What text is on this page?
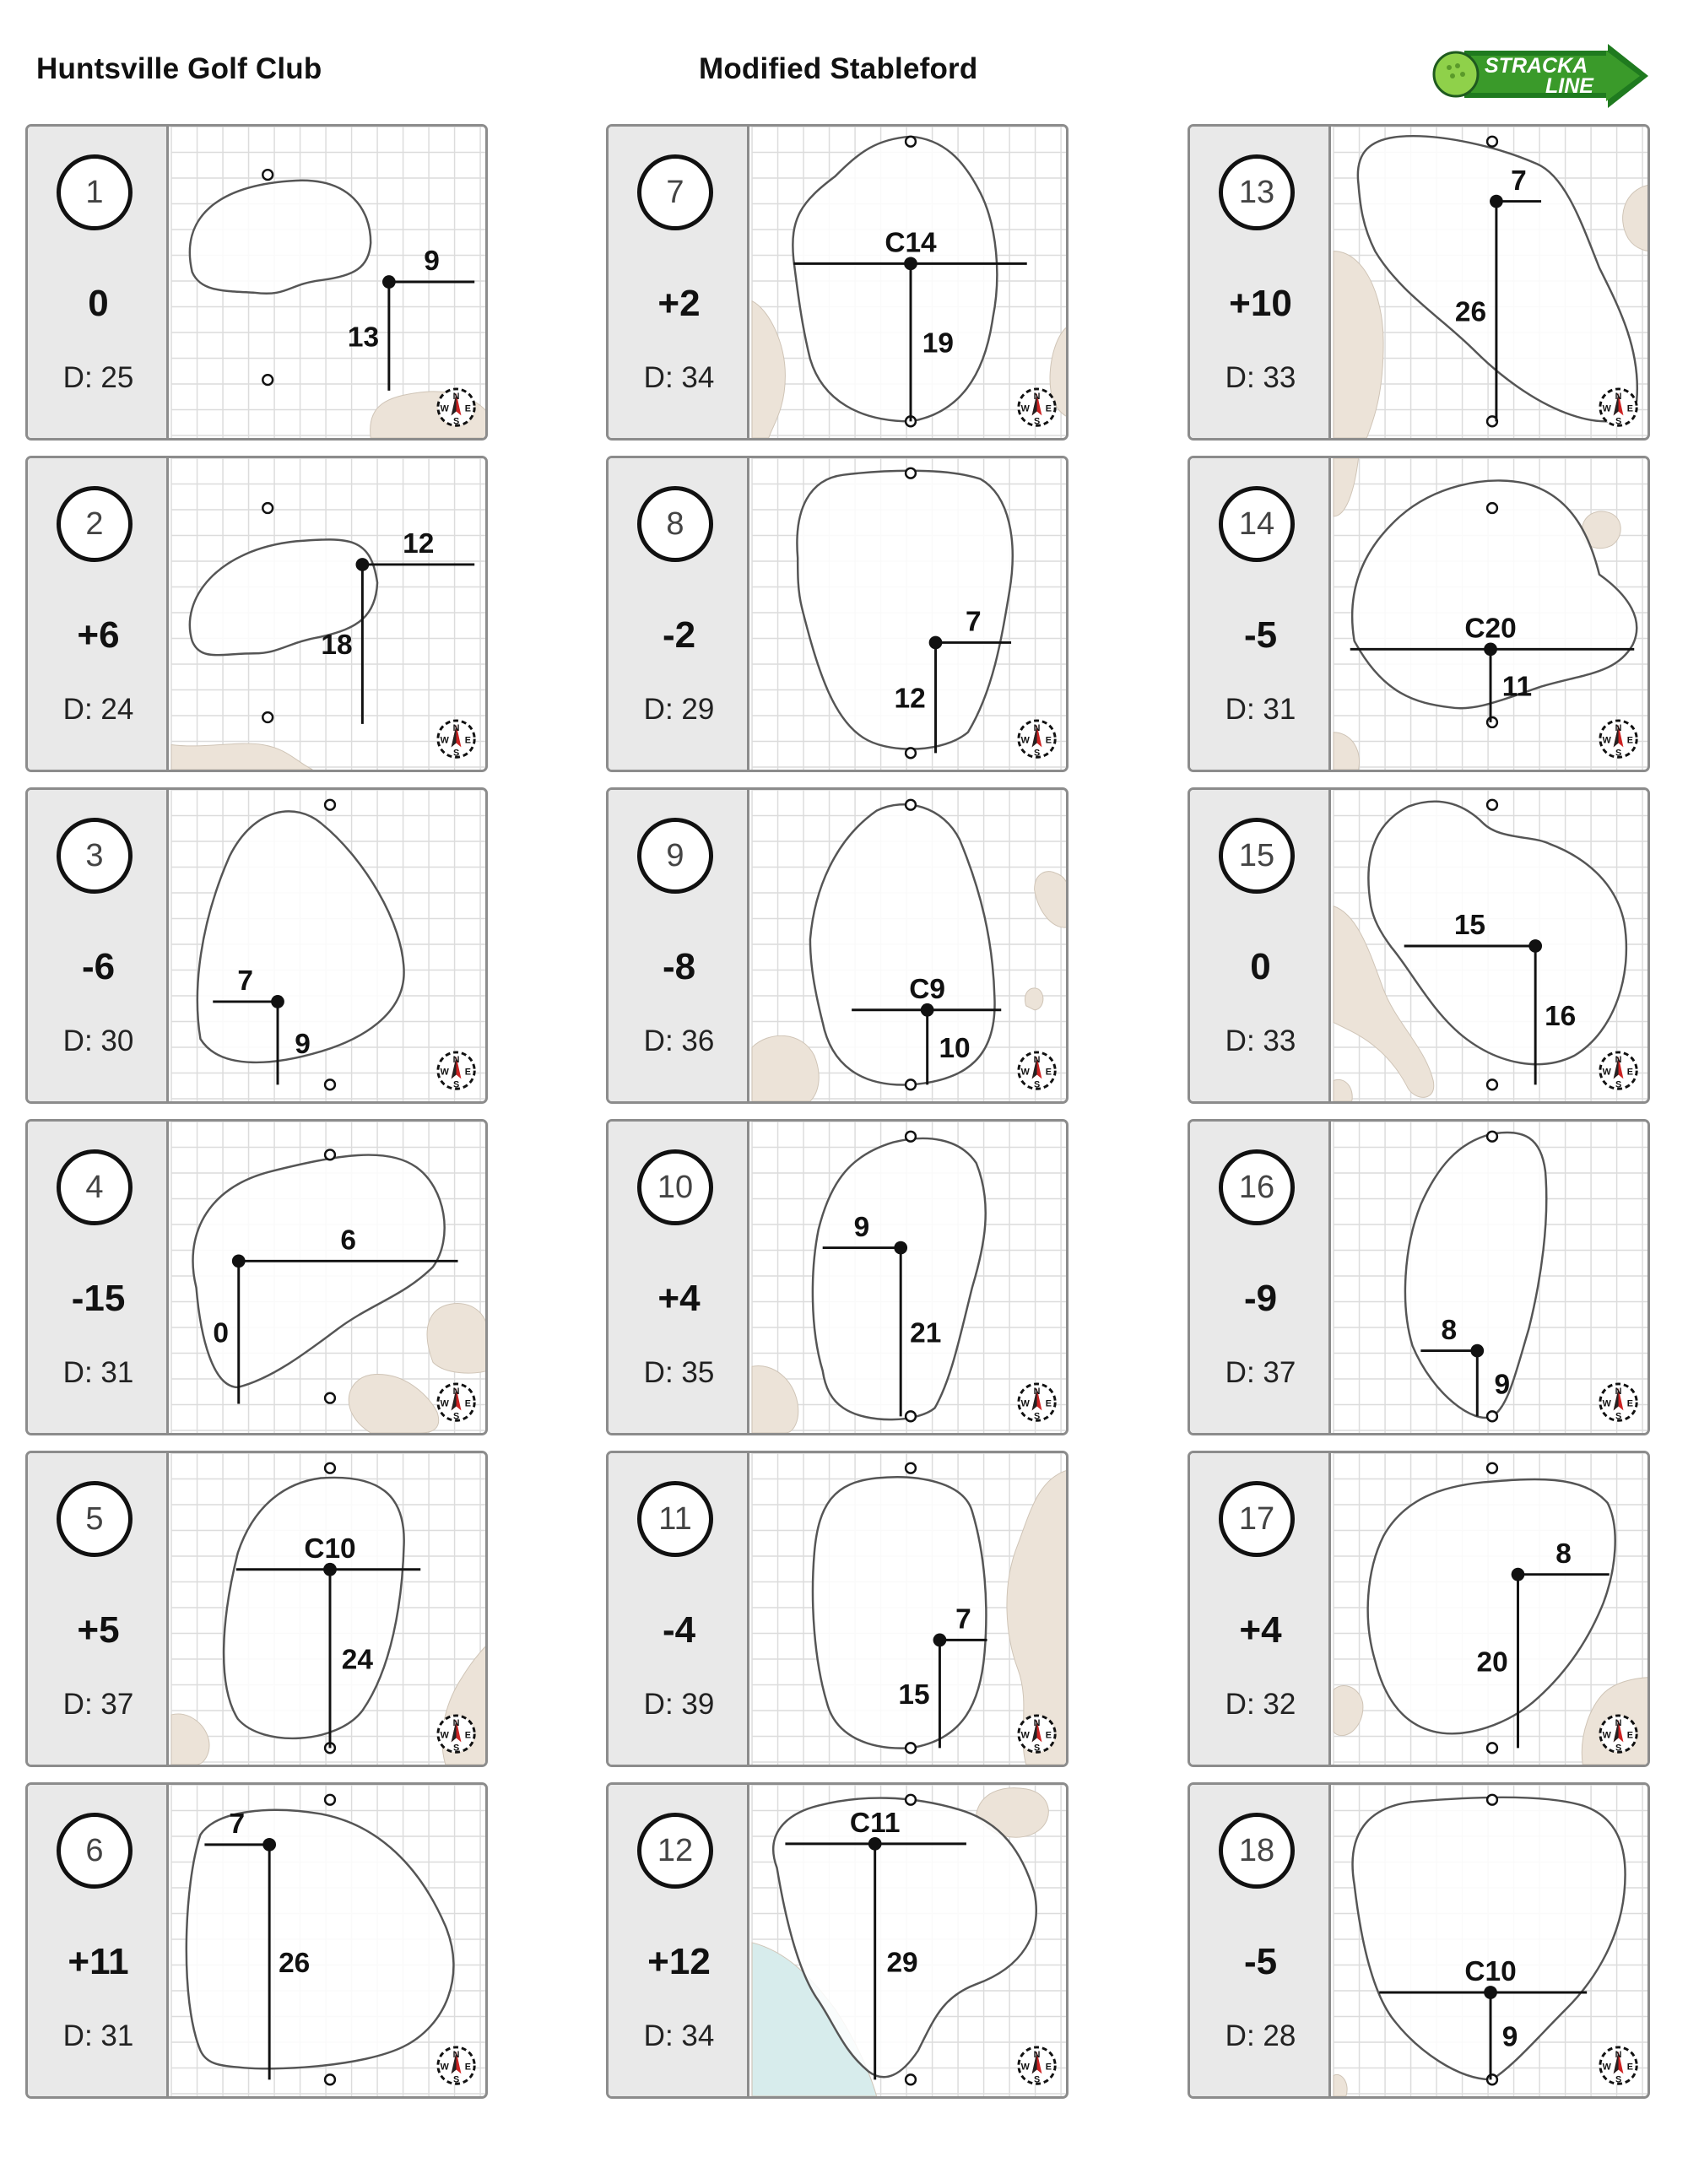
Huntsville Golf Club	Modified Stableford	STRACKA
LINE
1
0
D: 25
9
13
N
S
W E
2
+6
D: 24
12
18
N
S
W E
3
-6
D: 30
7
9	N
S
W E
4
-15
D: 31
6
0
N
S
W E
5
+5
D: 37
C10
24
N
S
W E
6
+11
D: 31
7
26
N
S
W E
7
+2
D: 34
C14
19
N
S
W E
8
-2
D: 29
7
12
N
S
W E
9
-8
D: 36
C9
10	N
S
W E
10
+4
D: 35
9
21
N
S
W E
11
-4
D: 39
7
15
N
S
W E
12
+12
D: 34
C11
29
N
S
W E
13
+10
D: 33
7
26
N
S
W E
14
-5
D: 31
C20
11
N
S
W E
15
0
D: 33
15
16
N
S
W E
16
-9
D: 37
8
9	N
S
W E
17
+4
D: 32
8
20
N
S
W E
18
-5
D: 28
C10
9
N
S
W E
